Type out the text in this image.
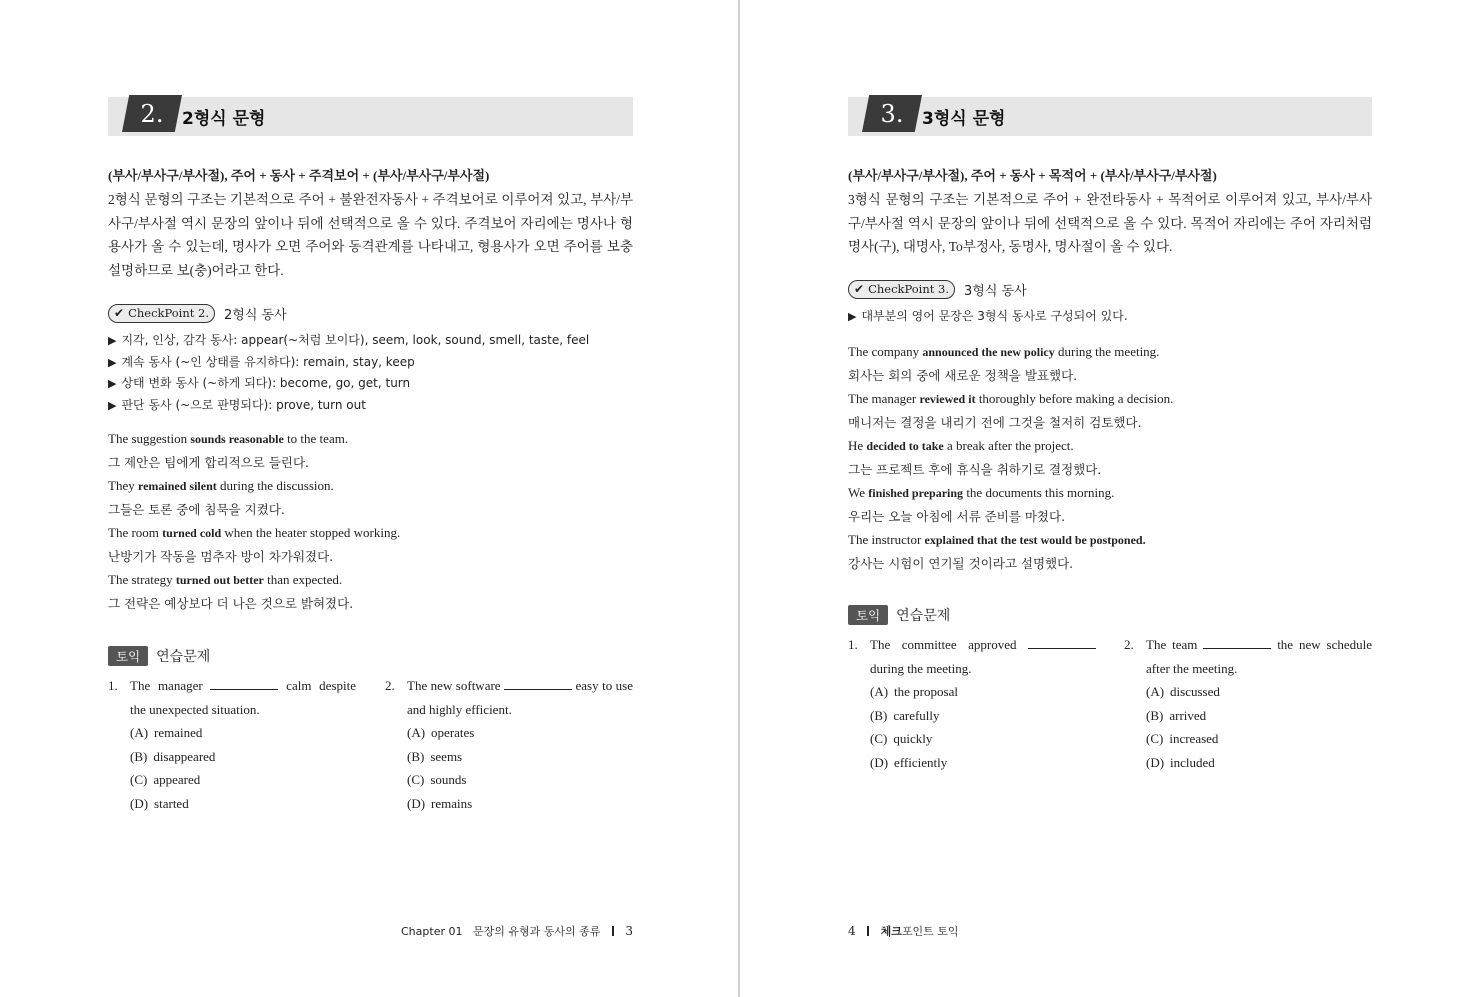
2.	2형식 문형
(부사/부사구/부사절), 주어 + 동사 + 주격보어 + (부사/부사구/부사절)
2형식 문형의 구조는 기본적으로 주어 + 불완전자동사 + 주격보어로 이루어져 있고, 부사/부사구/부사절 역시 문장의 앞이나 뒤에 선택적으로 올 수 있다. 주격보어 자리에는 명사나 형용사가 올 수 있는데, 명사가 오면 주어와 동격관계를 나타내고, 형용사가 오면 주어를 보충 설명하므로 보(충)어라고 한다.
✔ CheckPoint 2. 2형식 동사
▶ 지각, 인상, 감각 동사: appear(~처럼 보이다), seem, look, sound, smell, taste, feel
▶ 계속 동사 (~인 상태를 유지하다): remain, stay, keep
▶ 상태 변화 동사 (~하게 되다): become, go, get, turn
▶ 판단 동사 (~으로 판명되다): prove, turn out
The suggestion sounds reasonable to the team.
그 제안은 팀에게 합리적으로 들린다.
They remained silent during the discussion.
그들은 토론 중에 침묵을 지켰다.
The room turned cold when the heater stopped working.
난방기가 작동을 멈추자 방이 차가워졌다.
The strategy turned out better than expected.
그 전략은 예상보다 더 나은 것으로 밝혀졌다.
토익	연습문제
1. The manager	calm despite the unexpected situation.
(A) remained
(B) disappeared
(C) appeared
(D) started
2. The new software	easy to use and highly efficient.
(A) operates
(B) seems
(C) sounds
(D) remains
Chapter 01 문장의 유형과 동사의 종류 3
3.	3형식 문형
(부사/부사구/부사절), 주어 + 동사 + 목적어 + (부사/부사구/부사절)
3형식 문형의 구조는 기본적으로 주어 + 완전타동사 + 목적어로 이루어져 있고, 부사/부사구/부사절 역시 문장의 앞이나 뒤에 선택적으로 올 수 있다. 목적어 자리에는 주어 자리처럼 명사(구), 대명사, To부정사, 동명사, 명사절이 올 수 있다.
✔ CheckPoint 3. 3형식 동사
▶ 대부분의 영어 문장은 3형식 동사로 구성되어 있다.
The company announced the new policy during the meeting.
회사는 회의 중에 새로운 정책을 발표했다.
The manager reviewed it thoroughly before making a decision.
매니저는 결정을 내리기 전에 그것을 철저히 검토했다.
He decided to take a break after the project.
그는 프로젝트 후에 휴식을 취하기로 결정했다.
We finished preparing the documents this morning.
우리는 오늘 아침에 서류 준비를 마쳤다.
The instructor explained that the test would be postponed.
강사는 시험이 연기될 것이라고 설명했다.
토익	연습문제
1. The committee approved  during the meeting.
(A) the proposal
(B) carefully
(C) quickly
(D) efficiently
2. The team	the new schedule after the meeting.
(A) discussed
(B) arrived
(C) increased
(D) included
4 체크포인트 토익
